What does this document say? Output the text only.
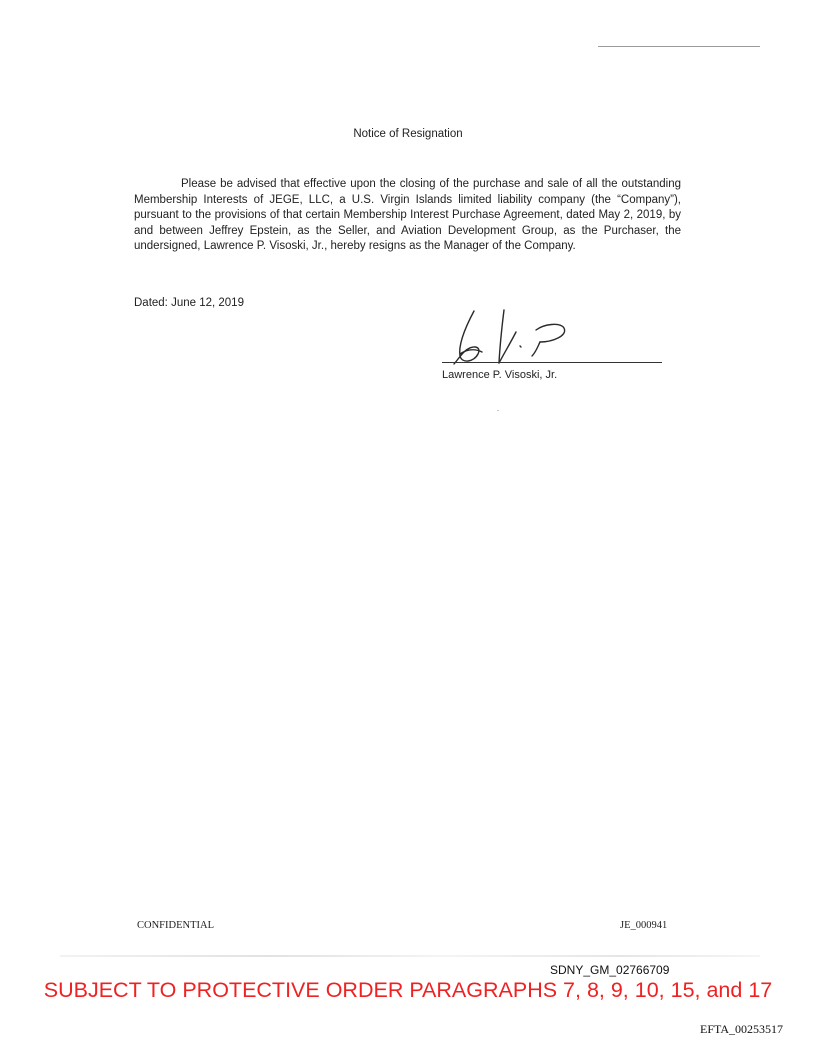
Notice of Resignation
Please be advised that effective upon the closing of the purchase and sale of all the outstanding Membership Interests of JEGE, LLC, a U.S. Virgin Islands limited liability company (the “Company”), pursuant to the provisions of that certain Membership Interest Purchase Agreement, dated May 2, 2019, by and between Jeffrey Epstein, as the Seller, and Aviation Development Group, as the Purchaser, the undersigned, Lawrence P. Visoski, Jr., hereby resigns as the Manager of the Company.
Dated: June 12, 2019
Lawrence P. Visoski, Jr.
CONFIDENTIAL	JE_000941
SDNY_GM_02766709
SUBJECT TO PROTECTIVE ORDER PARAGRAPHS 7, 8, 9, 10, 15, and 17
EFTA_00253517
